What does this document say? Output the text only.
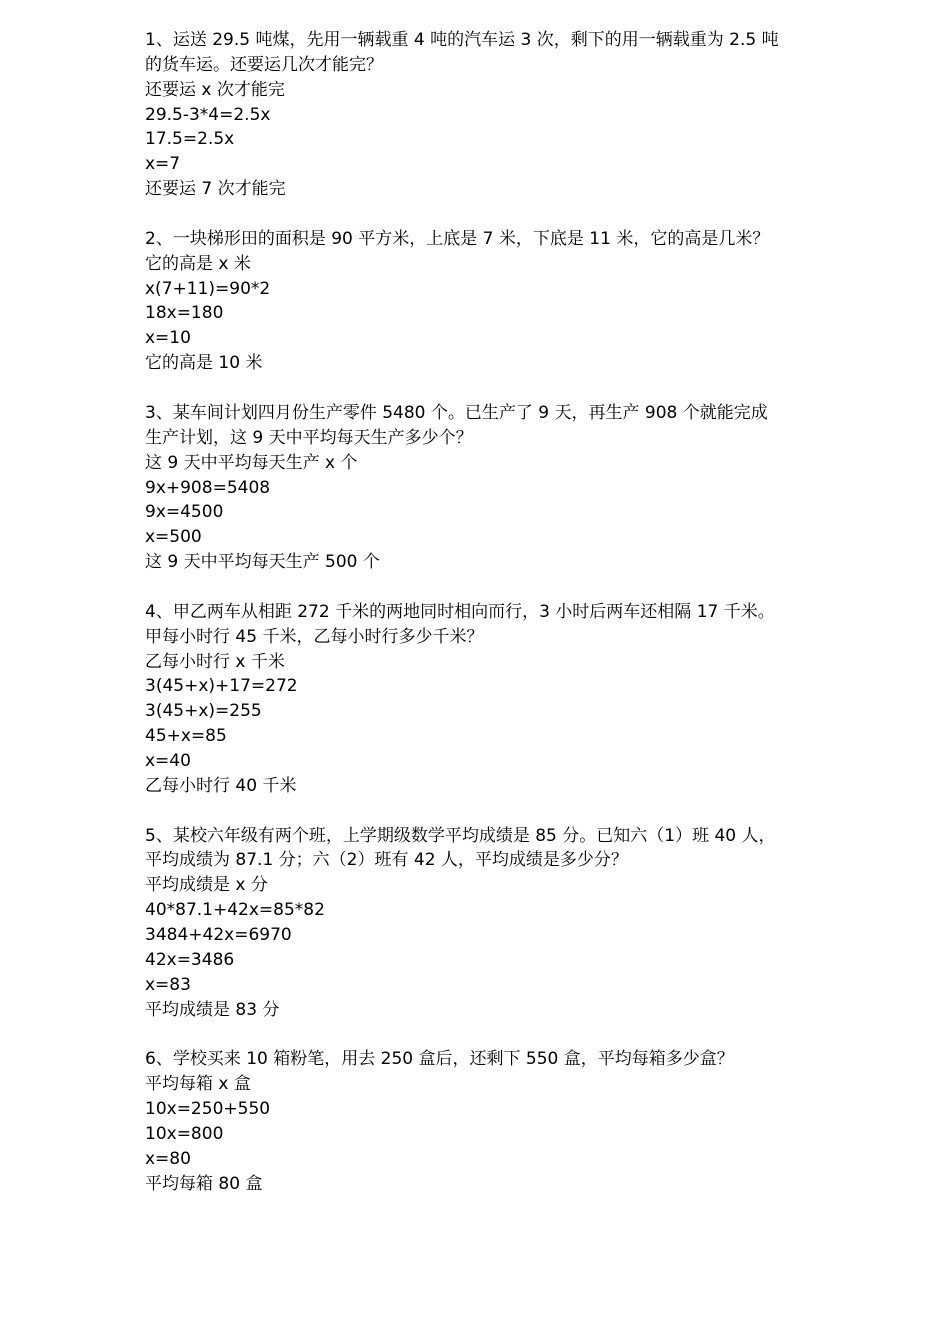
1、运送 29.5 吨煤，先用一辆载重 4 吨的汽车运 3 次，剩下的用一辆载重为 2.5 吨

的货车运。还要运几次才能完？

还要运 x 次才能完

29.5-3*4=2.5x

17.5=2.5x

x=7

还要运 7 次才能完

2、一块梯形田的面积是 90 平方米，上底是 7 米，下底是 11 米，它的高是几米？

它的高是 x 米

x(7+11)=90*2

18x=180

x=10

它的高是 10 米

3、某车间计划四月份生产零件 5480 个。已生产了 9 天，再生产 908 个就能完成

生产计划，这 9 天中平均每天生产多少个？

这 9 天中平均每天生产 x 个

9x+908=5408

9x=4500

x=500

这 9 天中平均每天生产 500 个

4、甲乙两车从相距 272 千米的两地同时相向而行，3 小时后两车还相隔 17 千米。

甲每小时行 45 千米，乙每小时行多少千米？

乙每小时行 x 千米

3(45+x)+17=272

3(45+x)=255

45+x=85

x=40

乙每小时行 40 千米

5、某校六年级有两个班，上学期级数学平均成绩是 85 分。已知六（1）班 40 人，

平均成绩为 87.1 分；六（2）班有 42 人，平均成绩是多少分？

平均成绩是 x 分

40*87.1+42x=85*82

3484+42x=6970

42x=3486

x=83

平均成绩是 83 分

6、学校买来 10 箱粉笔，用去 250 盒后，还剩下 550 盒，平均每箱多少盒？

平均每箱 x 盒

10x=250+550

10x=800

x=80

平均每箱 80 盒
